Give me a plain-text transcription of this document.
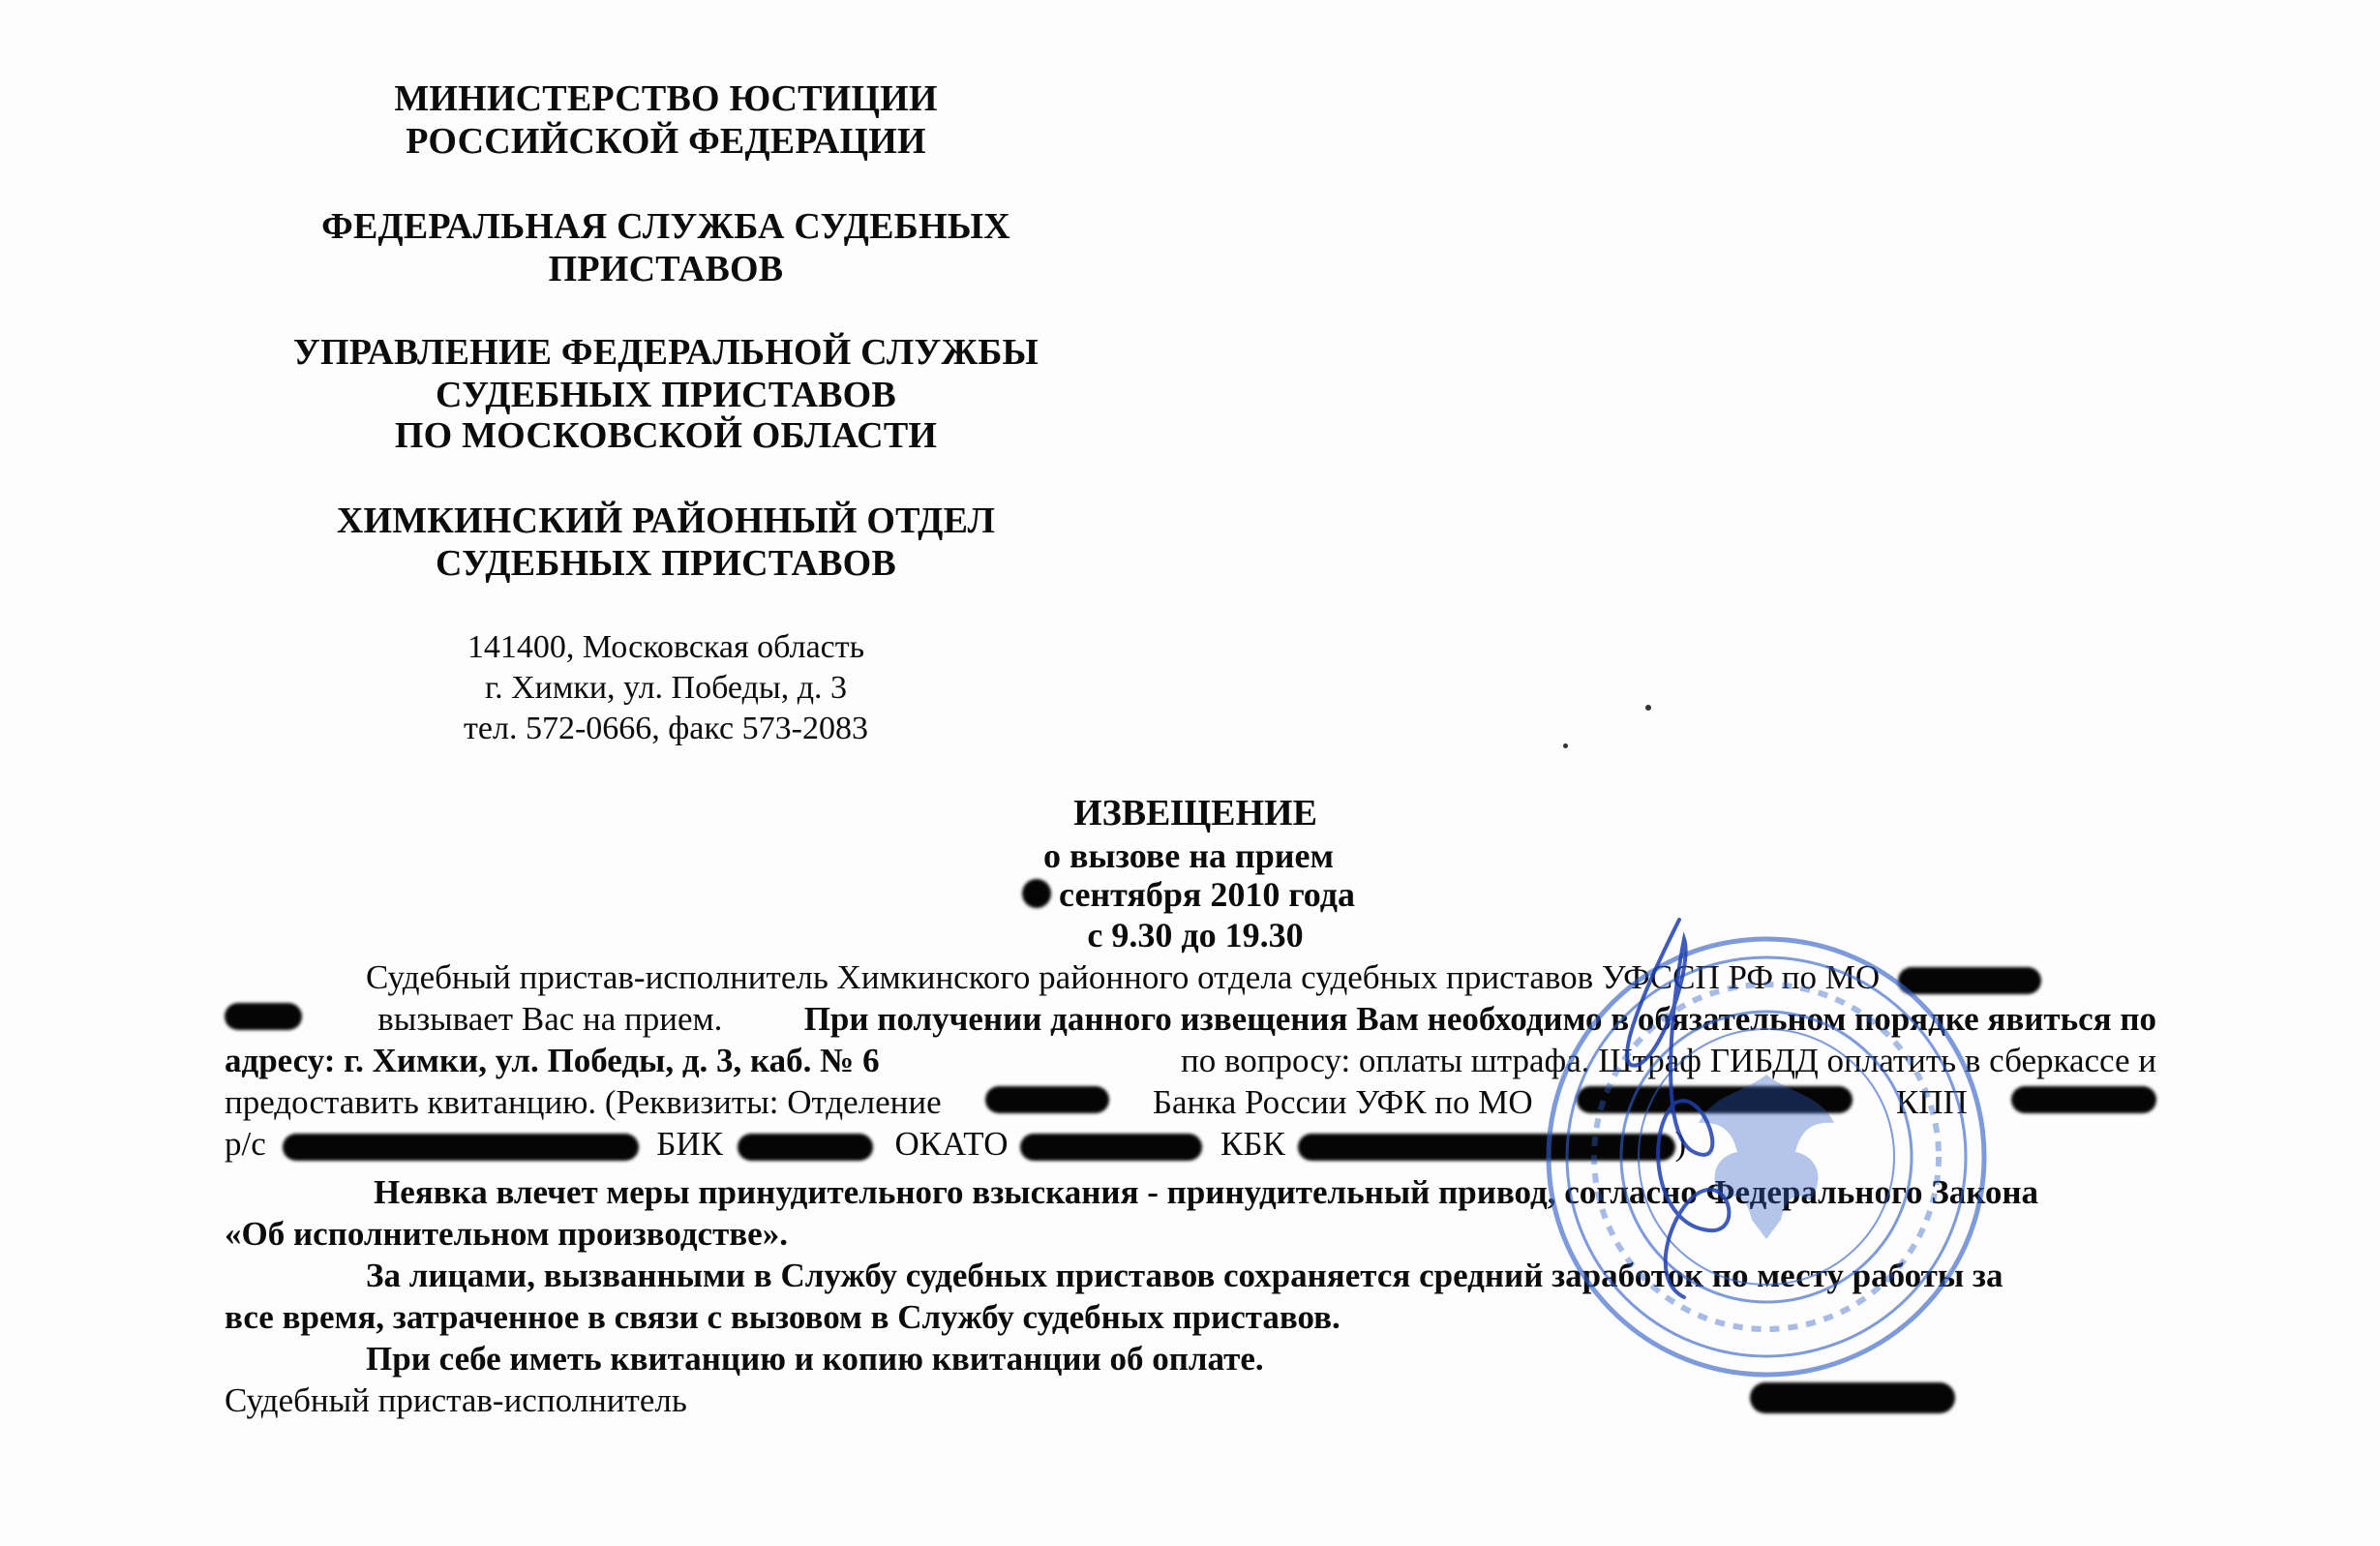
МИНИСТЕРСТВО ЮСТИЦИИ
РОССИЙСКОЙ ФЕДЕРАЦИИ
ФЕДЕРАЛЬНАЯ СЛУЖБА СУДЕБНЫХ
ПРИСТАВОВ
УПРАВЛЕНИЕ ФЕДЕРАЛЬНОЙ СЛУЖБЫ
СУДЕБНЫХ ПРИСТАВОВ
ПО МОСКОВСКОЙ ОБЛАСТИ
ХИМКИНСКИЙ РАЙОННЫЙ ОТДЕЛ
СУДЕБНЫХ ПРИСТАВОВ
141400, Московская область
г. Химки, ул. Победы, д. 3
тел. 572-0666, факс 573-2083
ИЗВЕЩЕНИЕ
о вызове на прием
сентября 2010 года
с 9.30 до 19.30
Судебный пристав-исполнитель Химкинского районного отдела судебных приставов УФССП РФ по МО
вызывает Вас на прием. При получении данного извещения Вам необходимо в обязательном порядке явиться по
адресу: г. Химки, ул. Победы, д. 3, каб. № 6	по вопросу: оплаты штрафа. Штраф ГИБДД оплатить в сберкассе и
предоставить квитанцию. (Реквизиты: Отделение	Банка России УФК по МО	КПП
р/с	БИК	ОКАТО	КБК	)
Неявка влечет меры принудительного взыскания - принудительный привод, согласно Федерального Закона
«Об исполнительном производстве».
За лицами, вызванными в Службу судебных приставов сохраняется средний заработок по месту работы за
все время, затраченное в связи с вызовом в Службу судебных приставов.
При себе иметь квитанцию и копию квитанции об оплате.
Судебный пристав-исполнитель
